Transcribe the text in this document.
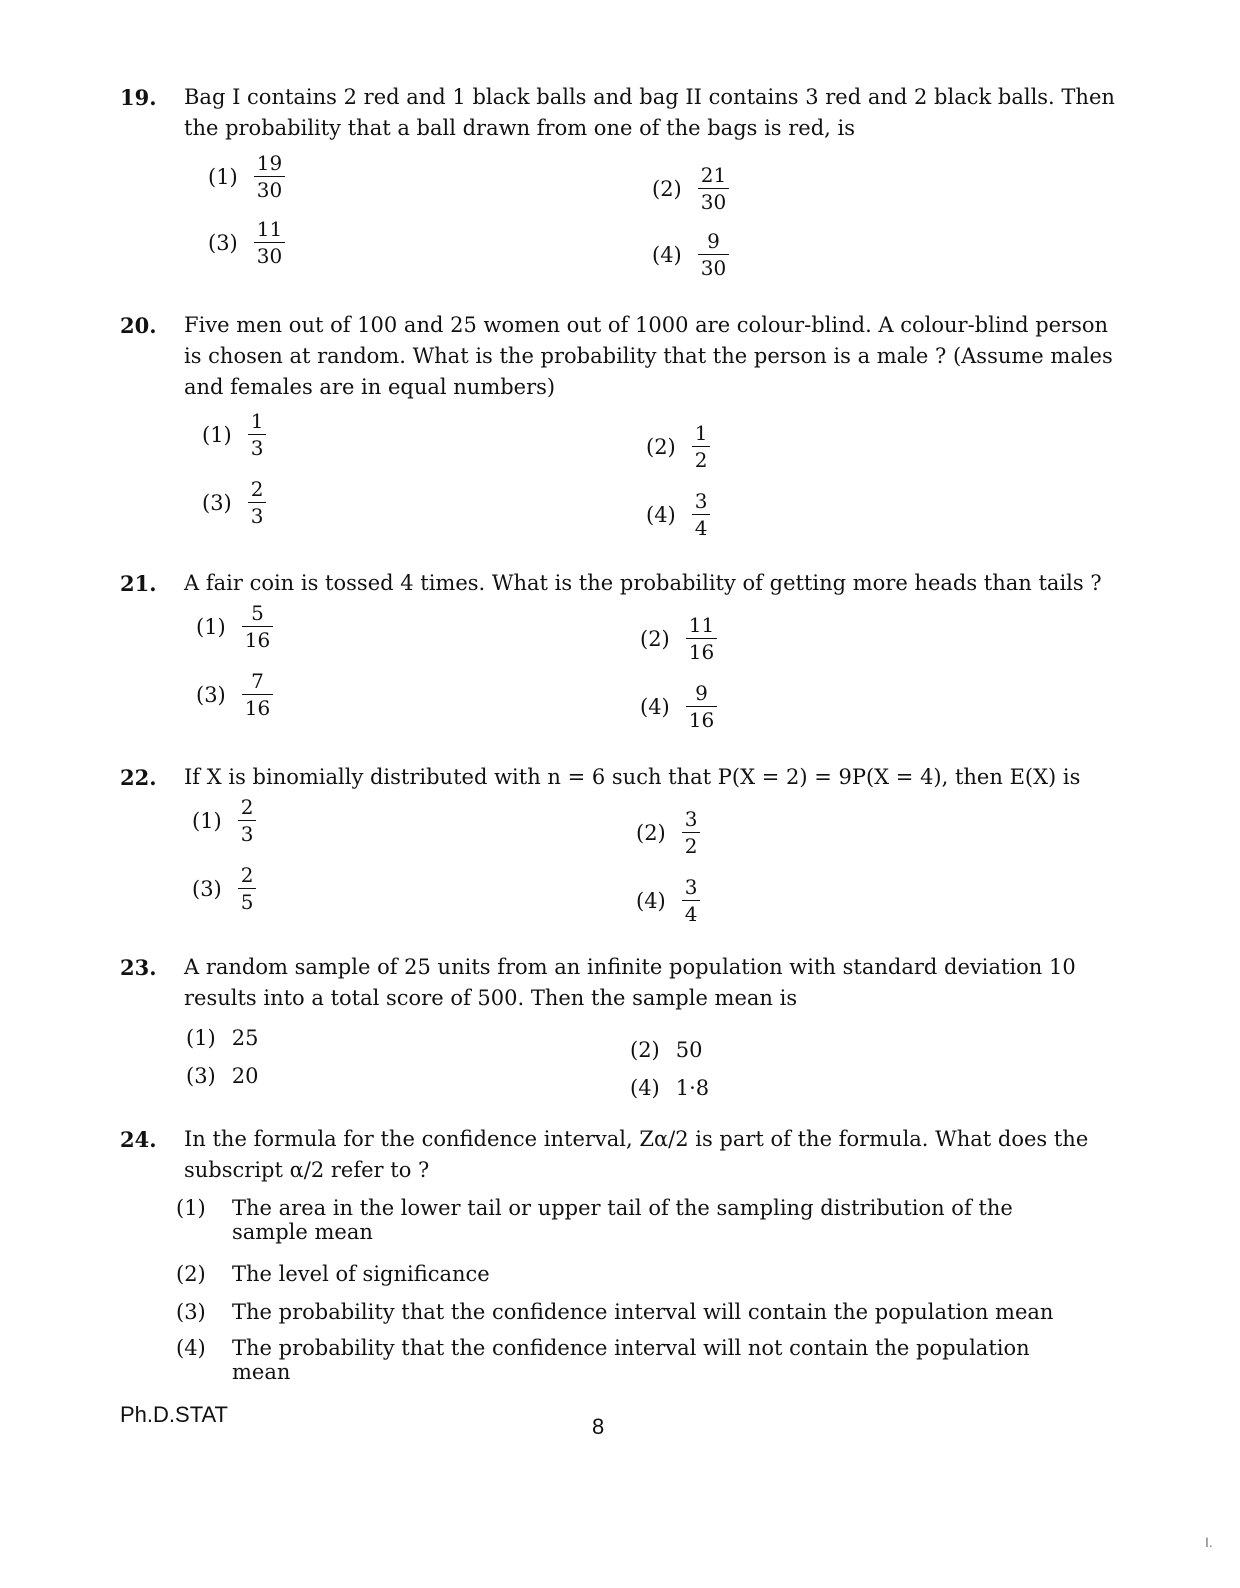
19. Bag I contains 2 red and 1 black balls and bag II contains 3 red and 2 black balls. Then the probability that a ball drawn from one of the bags is red, is
$(1) \frac{19}{30}$	$(2) \frac{21}{30}$
$(3) \frac{11}{30}$	$(4) \frac{9}{30}$
20. Five men out of 100 and 25 women out of 1000 are colour-blind. A colour-blind person is chosen at random. What is the probability that the person is a male ? (Assume males and females are in equal numbers)
$(1) \frac{1}{3}$	$(2) \frac{1}{2}$
$(3) \frac{2}{3}$	$(4) \frac{3}{4}$
21. A fair coin is tossed 4 times. What is the probability of getting more heads than tails ?
$(1) \frac{5}{16}$	$(2) \frac{11}{16}$
$(3) \frac{7}{16}$	$(4) \frac{9}{16}$
22. If X is binomially distributed with n = 6 such that P(X = 2) = 9P(X = 4), then E(X) is
$(1) \frac{2}{3}$	$(2) \frac{3}{2}$
$(3) \frac{2}{5}$	$(4) \frac{3}{4}$
23. A random sample of 25 units from an infinite population with standard deviation 10 results into a total score of 500. Then the sample mean is
(1) 25	(2) 50
(3) 20	(4) 1·8
24. In the formula for the confidence interval, Zα/2 is part of the formula. What does the subscript α/2 refer to ?
(1) The area in the lower tail or upper tail of the sampling distribution of the sample mean
(2) The level of significance
(3) The probability that the confidence interval will contain the population mean
(4) The probability that the confidence interval will not contain the population mean
Ph.D.STAT	8
I.
